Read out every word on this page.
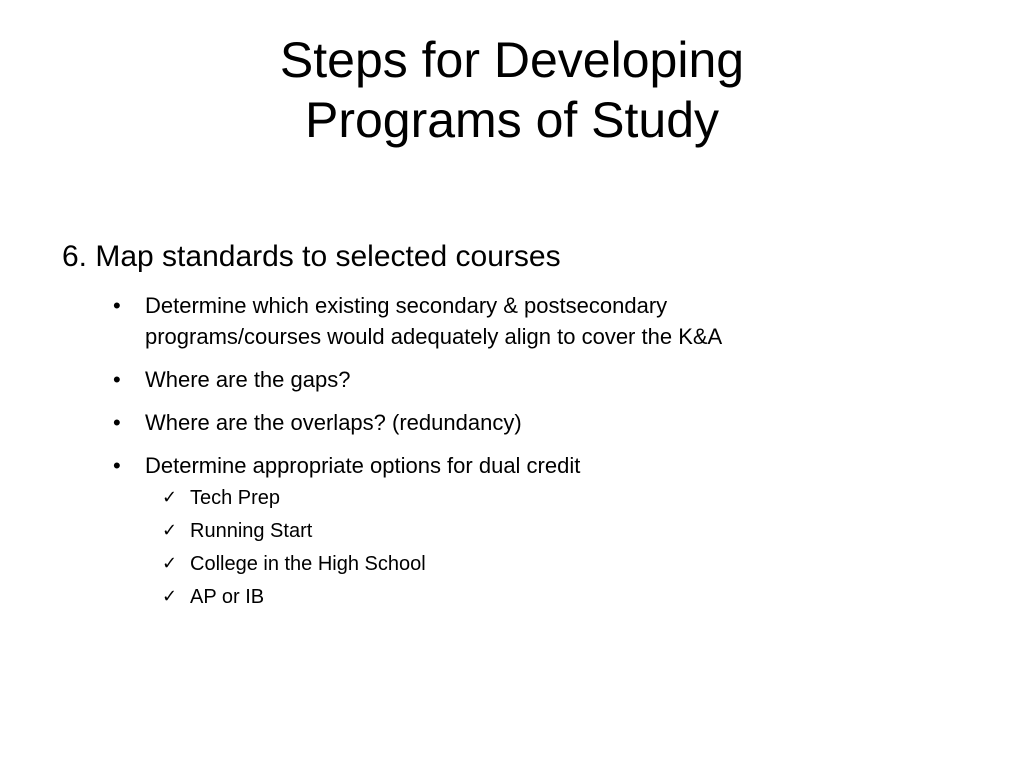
Steps for Developing
Programs of Study
6. Map standards to selected courses
• Determine which existing secondary & postsecondary
programs/courses would adequately align to cover the K&A
• Where are the gaps?
• Where are the overlaps? (redundancy)
• Determine appropriate options for dual credit
✓ Tech Prep
✓ Running Start
✓ College in the High School
✓ AP or IB
